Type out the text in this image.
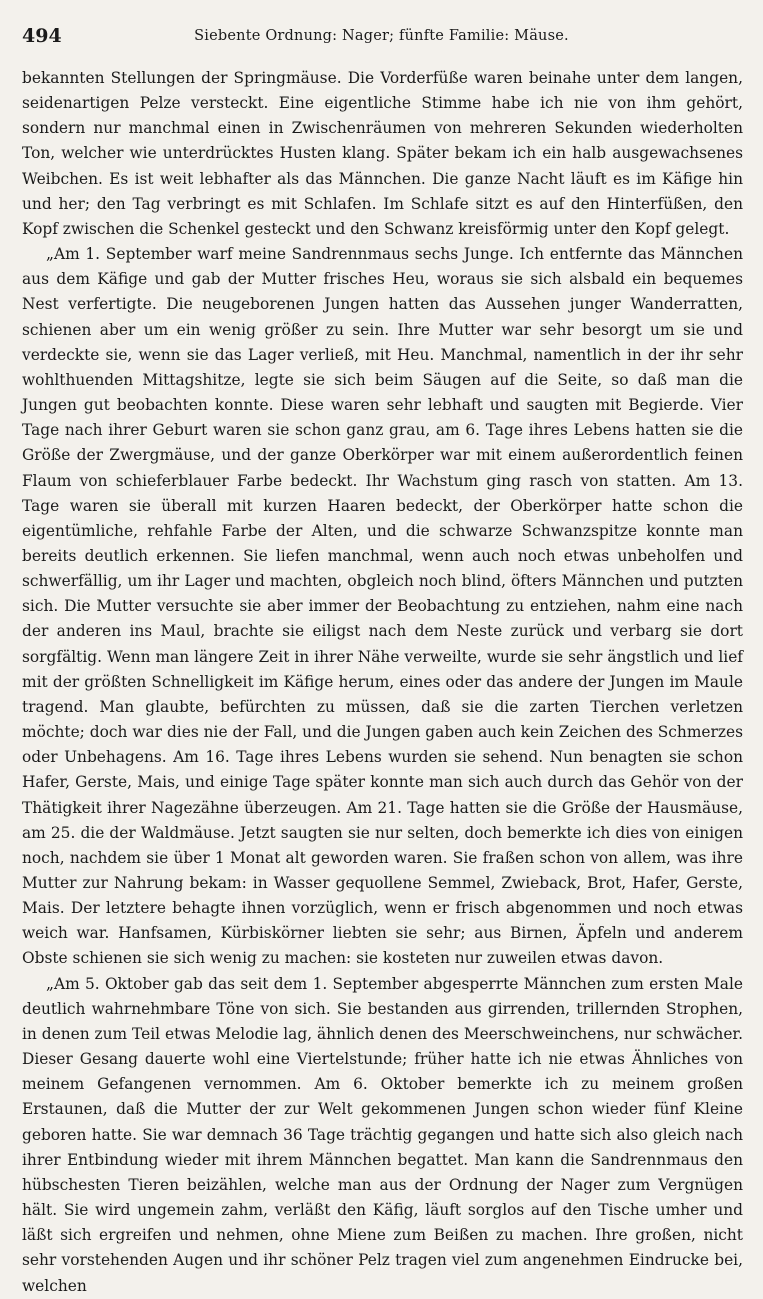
494	Siebente Ordnung: Nager; fünfte Familie: Mäuse.

bekannten Stellungen der Springmäuse. Die Vorderfüße waren beinahe unter dem langen, seidenartigen Pelze versteckt. Eine eigentliche Stimme habe ich nie von ihm gehört, sondern nur manchmal einen in Zwischenräumen von mehreren Sekunden wiederholten Ton, welcher wie unterdrücktes Husten klang. Später bekam ich ein halb ausgewachsenes Weibchen. Es ist weit lebhafter als das Männchen. Die ganze Nacht läuft es im Käfige hin und her; den Tag verbringt es mit Schlafen. Im Schlafe sitzt es auf den Hinterfüßen, den Kopf zwischen die Schenkel gesteckt und den Schwanz kreisförmig unter den Kopf gelegt.

„Am 1. September warf meine Sandrennmaus sechs Junge. Ich entfernte das Männchen aus dem Käfige und gab der Mutter frisches Heu, woraus sie sich alsbald ein bequemes Nest verfertigte. Die neugeborenen Jungen hatten das Aussehen junger Wanderratten, schienen aber um ein wenig größer zu sein. Ihre Mutter war sehr besorgt um sie und verdeckte sie, wenn sie das Lager verließ, mit Heu. Manchmal, namentlich in der ihr sehr wohlthuenden Mittagshitze, legte sie sich beim Säugen auf die Seite, so daß man die Jungen gut beobachten konnte. Diese waren sehr lebhaft und saugten mit Begierde. Vier Tage nach ihrer Geburt waren sie schon ganz grau, am 6. Tage ihres Lebens hatten sie die Größe der Zwergmäuse, und der ganze Oberkörper war mit einem außerordentlich feinen Flaum von schieferblauer Farbe bedeckt. Ihr Wachstum ging rasch von statten. Am 13. Tage waren sie überall mit kurzen Haaren bedeckt, der Oberkörper hatte schon die eigentümliche, rehfahle Farbe der Alten, und die schwarze Schwanzspitze konnte man bereits deutlich erkennen. Sie liefen manchmal, wenn auch noch etwas unbeholfen und schwerfällig, um ihr Lager und machten, obgleich noch blind, öfters Männchen und putzten sich. Die Mutter versuchte sie aber immer der Beobachtung zu entziehen, nahm eine nach der anderen ins Maul, brachte sie eiligst nach dem Neste zurück und verbarg sie dort sorgfältig. Wenn man längere Zeit in ihrer Nähe verweilte, wurde sie sehr ängstlich und lief mit der größten Schnelligkeit im Käfige herum, eines oder das andere der Jungen im Maule tragend. Man glaubte, befürchten zu müssen, daß sie die zarten Tierchen verletzen möchte; doch war dies nie der Fall, und die Jungen gaben auch kein Zeichen des Schmerzes oder Unbehagens. Am 16. Tage ihres Lebens wurden sie sehend. Nun benagten sie schon Hafer, Gerste, Mais, und einige Tage später konnte man sich auch durch das Gehör von der Thätigkeit ihrer Nagezähne überzeugen. Am 21. Tage hatten sie die Größe der Hausmäuse, am 25. die der Waldmäuse. Jetzt saugten sie nur selten, doch bemerkte ich dies von einigen noch, nachdem sie über 1 Monat alt geworden waren. Sie fraßen schon von allem, was ihre Mutter zur Nahrung bekam: in Wasser gequollene Semmel, Zwieback, Brot, Hafer, Gerste, Mais. Der letztere behagte ihnen vorzüglich, wenn er frisch abgenommen und noch etwas weich war. Hanfsamen, Kürbiskörner liebten sie sehr; aus Birnen, Äpfeln und anderem Obste schienen sie sich wenig zu machen: sie kosteten nur zuweilen etwas davon.

„Am 5. Oktober gab das seit dem 1. September abgesperrte Männchen zum ersten Male deutlich wahrnehmbare Töne von sich. Sie bestanden aus girrenden, trillernden Strophen, in denen zum Teil etwas Melodie lag, ähnlich denen des Meerschweinchens, nur schwächer. Dieser Gesang dauerte wohl eine Viertelstunde; früher hatte ich nie etwas Ähnliches von meinem Gefangenen vernommen. Am 6. Oktober bemerkte ich zu meinem großen Erstaunen, daß die Mutter der zur Welt gekommenen Jungen schon wieder fünf Kleine geboren hatte. Sie war demnach 36 Tage trächtig gegangen und hatte sich also gleich nach ihrer Entbindung wieder mit ihrem Männchen begattet. Man kann die Sandrennmaus den hübschesten Tieren beizählen, welche man aus der Ordnung der Nager zum Vergnügen hält. Sie wird ungemein zahm, verläßt den Käfig, läuft sorglos auf den Tische umher und läßt sich ergreifen und nehmen, ohne Miene zum Beißen zu machen. Ihre großen, nicht sehr vorstehenden Augen und ihr schöner Pelz tragen viel zum angenehmen Eindrucke bei, welchen
